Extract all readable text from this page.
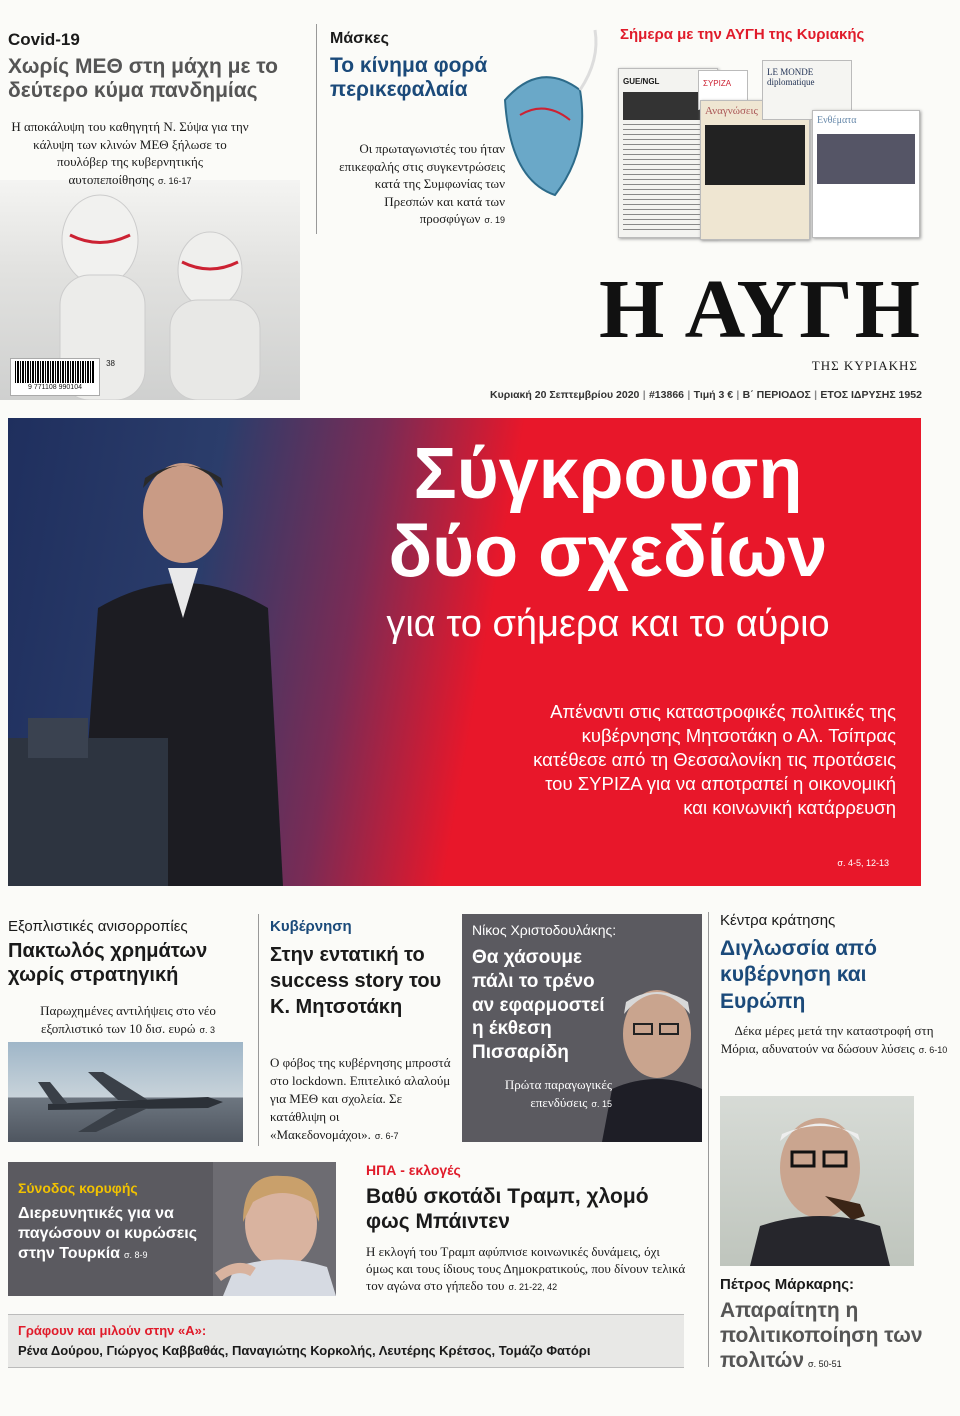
Covid-19
Χωρίς ΜΕΘ στη μάχη με το δεύτερο κύμα πανδημίας
Η αποκάλυψη του καθηγητή Ν. Σύψα για την κάλυψη των κλινών ΜΕΘ ξήλωσε το πουλόβερ της κυβερνητικής αυτοπεποίθησης σ. 16-17
9 771108 990104
38
Μάσκες
Το κίνημα φορά περικεφαλαία
Οι πρωταγωνιστές του ήταν επικεφαλής στις συγκεντρώσεις κατά της Συμφωνίας των Πρεσπών και κατά των προσφύγων σ. 19
Σήμερα με την ΑΥΓΗ της Κυριακής
GUE/NGL	ΣΥΡΙΖΑ
Αναγνώσεις
LE MONDE diplomatique
Ενθέματα
Η ΑΥΓΗ
ΤΗΣ ΚΥΡΙΑΚΗΣ
Κυριακή 20 Σεπτεμβρίου 2020 | #13866 | Τιμή 3 € | Β΄ ΠΕΡΙΟΔΟΣ | ΕΤΟΣ ΙΔΡΥΣΗΣ 1952
Σύγκρουση
δύο σχεδίων
για το σήμερα και το αύριο
Απέναντι στις καταστροφικές πολιτικές της κυβέρνησης Μητσοτάκη ο Αλ. Τσίπρας κατέθεσε από τη Θεσσαλονίκη τις προτάσεις του ΣΥΡΙΖΑ για να αποτραπεί η οικονομική και κοινωνική κατάρρευση
σ. 4-5, 12-13
Εξοπλιστικές ανισορροπίες
Πακτωλός χρημάτων χωρίς στρατηγική
Παρωχημένες αντιλήψεις στο νέο εξοπλιστικό των 10 δισ. ευρώ σ. 3
Κυβέρνηση
Στην εντατική το success story του Κ. Μητσοτάκη
Ο φόβος της κυβέρνησης μπροστά στο lockdown. Επιτελικό αλαλούμ για ΜΕΘ και σχολεία. Σε κατάθλιψη οι «Μακεδονομάχοι». σ. 6-7
Νίκος Χριστοδουλάκης:
Θα χάσουμε πάλι το τρένο αν εφαρμοστεί η έκθεση Πισσαρίδη
Πρώτα παραγωγικές επενδύσεις σ. 15
Κέντρα κράτησης
Διγλωσσία από κυβέρνηση και Ευρώπη
Δέκα μέρες μετά την καταστροφή στη Μόρια, αδυνατούν να δώσουν λύσεις σ. 6-10
Πέτρος Μάρκαρης:
Απαραίτητη η πολιτικοποίηση των πολιτών σ. 50-51
Σύνοδος κορυφής
Διερευνητικές για να παγώσουν οι κυρώσεις στην Τουρκία σ. 8-9
ΗΠΑ - εκλογές
Βαθύ σκοτάδι Τραμπ, χλομό φως Μπάιντεν
Η εκλογή του Τραμπ αφύπνισε κοινωνικές δυνάμεις, όχι όμως και τους ίδιους τους Δημοκρατικούς, που δίνουν τελικά τον αγώνα στο γήπεδο του σ. 21-22, 42
Γράφουν και μιλούν στην «Α»:
Ρένα Δούρου, Γιώργος Καββαθάς, Παναγιώτης Κορκολής, Λευτέρης Κρέτσος, Τομάζο Φατόρι
